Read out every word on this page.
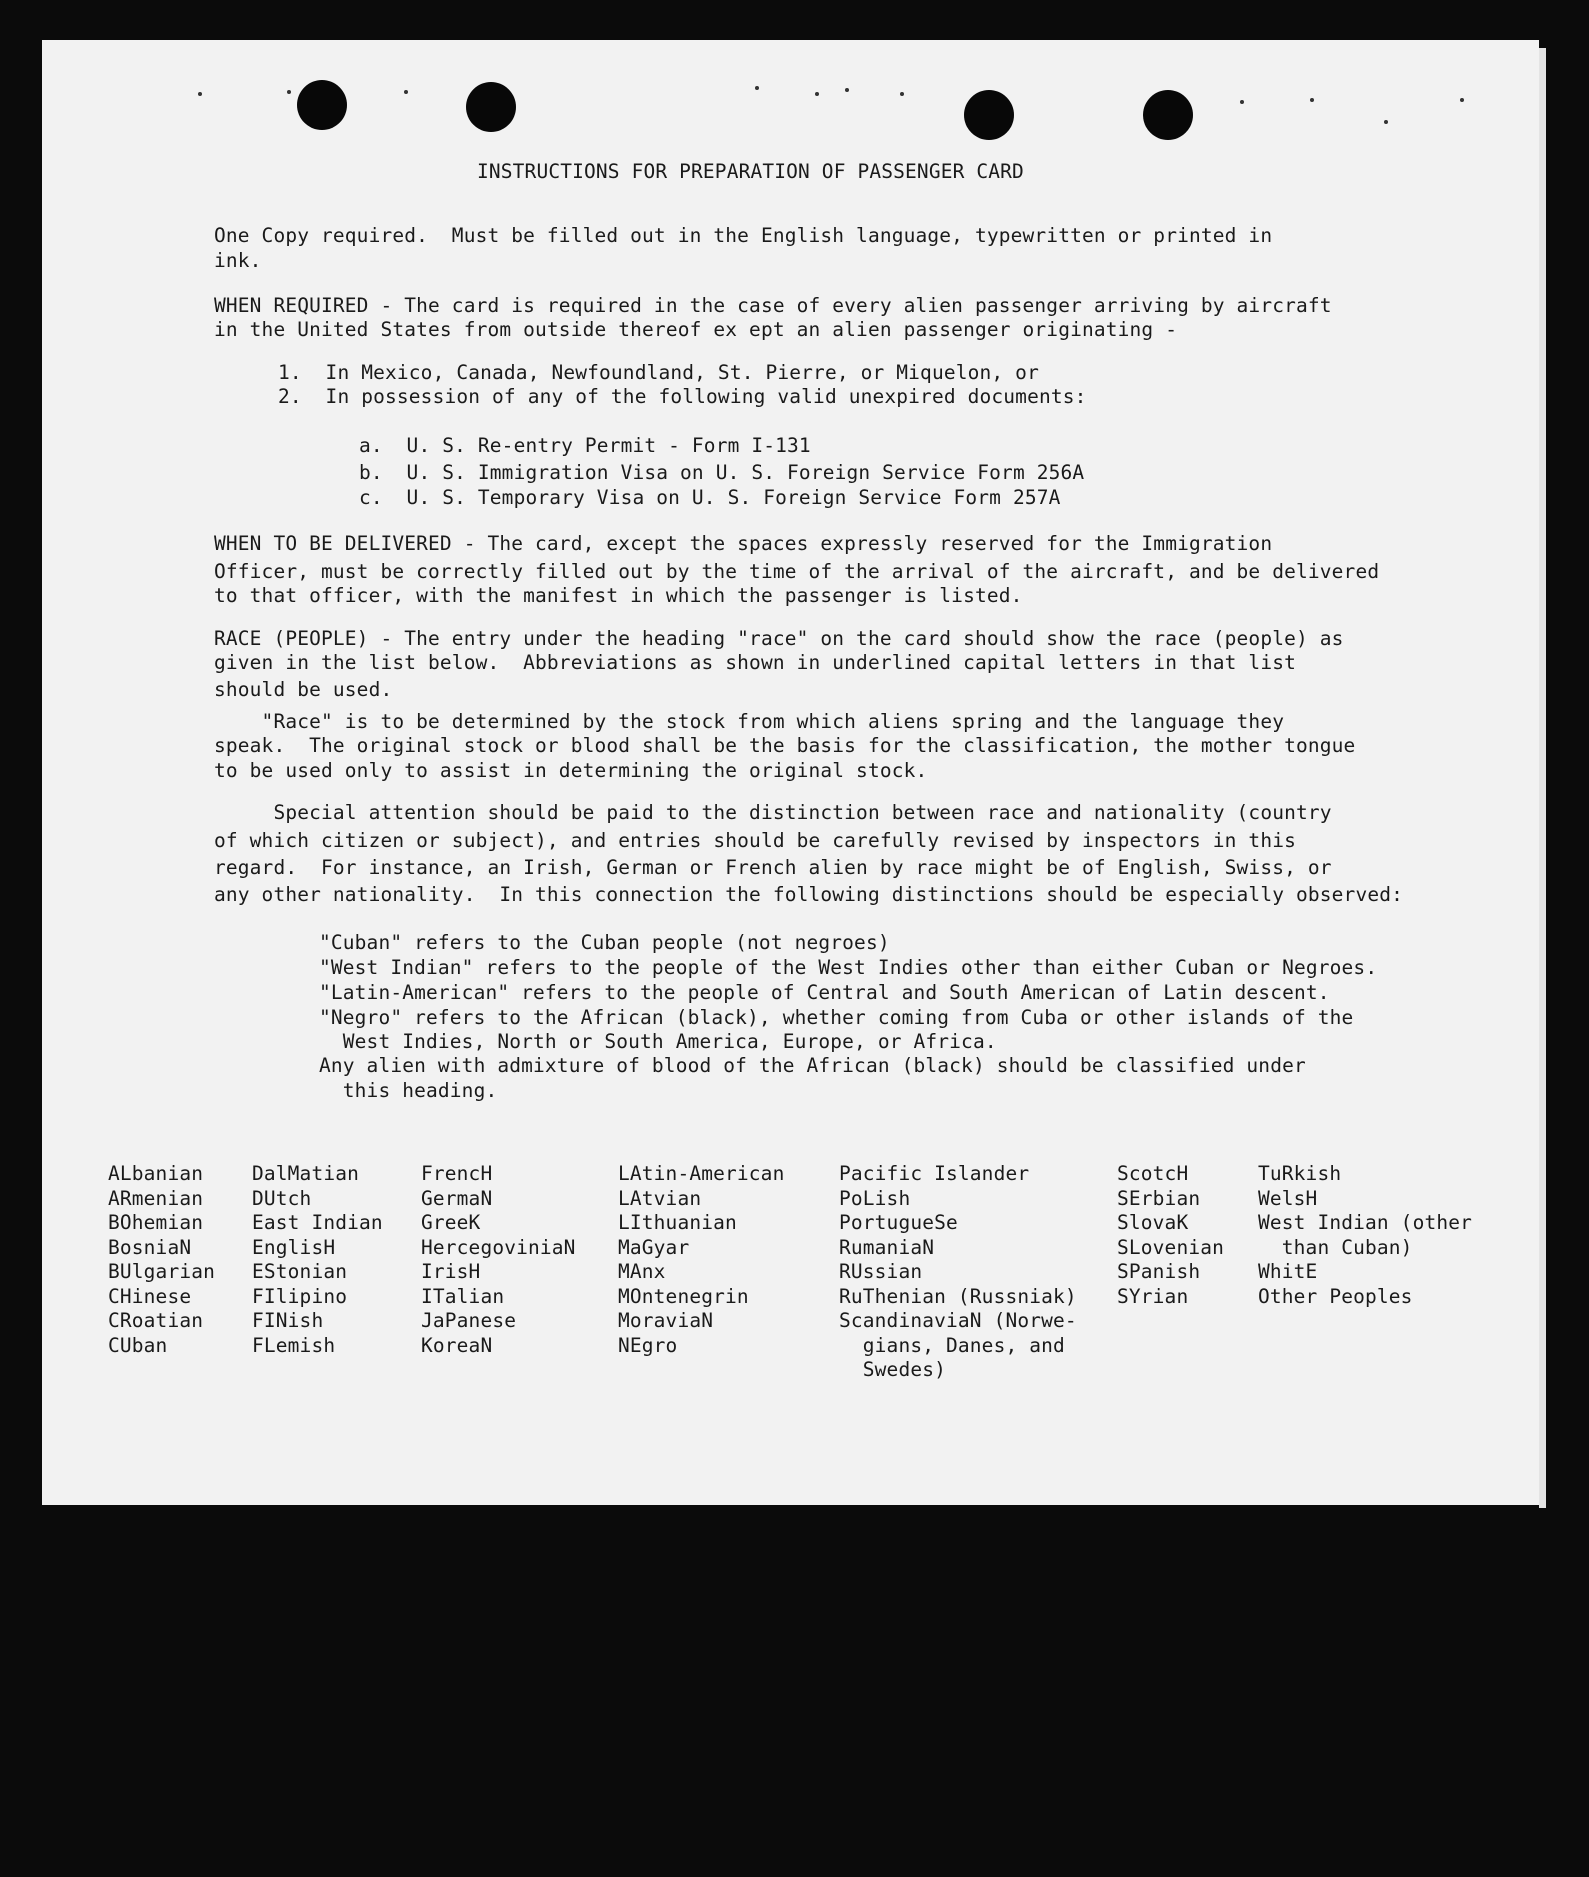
INSTRUCTIONS FOR PREPARATION OF PASSENGER CARD

One Copy required.  Must be filled out in the English language, typewritten or printed in

ink.

WHEN REQUIRED - The card is required in the case of every alien passenger arriving by aircraft

in the United States from outside thereof ex ept an alien passenger originating -

1.  In Mexico, Canada, Newfoundland, St. Pierre, or Miquelon, or

2.  In possession of any of the following valid unexpired documents:

a.  U. S. Re-entry Permit - Form I-131

b.  U. S. Immigration Visa on U. S. Foreign Service Form 256A

c.  U. S. Temporary Visa on U. S. Foreign Service Form 257A

WHEN TO BE DELIVERED - The card, except the spaces expressly reserved for the Immigration

Officer, must be correctly filled out by the time of the arrival of the aircraft, and be delivered

to that officer, with the manifest in which the passenger is listed.

RACE (PEOPLE) - The entry under the heading "race" on the card should show the race (people) as

given in the list below.  Abbreviations as shown in underlined capital letters in that list

should be used.

"Race" is to be determined by the stock from which aliens spring and the language they

speak.  The original stock or blood shall be the basis for the classification, the mother tongue

to be used only to assist in determining the original stock.

Special attention should be paid to the distinction between race and nationality (country

of which citizen or subject), and entries should be carefully revised by inspectors in this

regard.  For instance, an Irish, German or French alien by race might be of English, Swiss, or

any other nationality.  In this connection the following distinctions should be especially observed:

"Cuban" refers to the Cuban people (not negroes)

"West Indian" refers to the people of the West Indies other than either Cuban or Negroes.

"Latin-American" refers to the people of Central and South American of Latin descent.

"Negro" refers to the African (black), whether coming from Cuba or other islands of the

West Indies, North or South America, Europe, or Africa.

Any alien with admixture of blood of the African (black) should be classified under

this heading.

ALbanian
ARmenian
BOhemian
BosniaN
BUlgarian
CHinese
CRoatian
CUban
DalMatian
DUtch
East Indian
EnglisH
EStonian
FIlipino
FINish
FLemish
FrencH
GermaN
GreeK
HercegoviniaN
IrisH
ITalian
JaPanese
KoreaN
LAtin-American
LAtvian
LIthuanian
MaGyar
MAnx
MOntenegrin
MoraviaN
NEgro
Pacific Islander
PoLish
PortugueSe
RumaniaN
RUssian
RuThenian (Russniak)
ScandinaviaN (Norwe-
gians, Danes, and
Swedes)
ScotcH
SErbian
SlovaK
SLovenian
SPanish
SYrian
TuRkish
WelsH
West Indian (other
than Cuban)
WhitE
Other Peoples
